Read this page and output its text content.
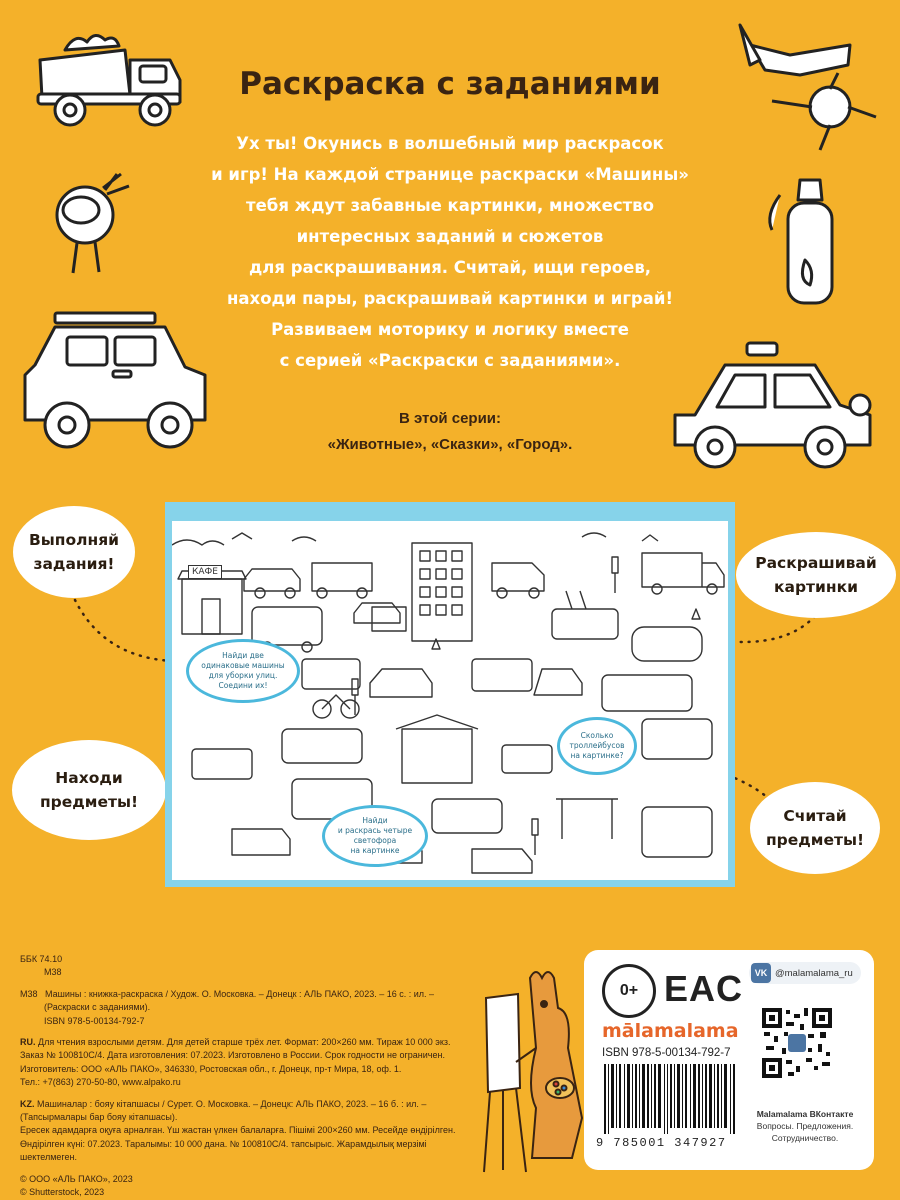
Раскраска с заданиями
Ух ты! Окунись в волшебный мир раскрасок
и игр! На каждой странице раскраски «Машины»
тебя ждут забавные картинки, множество
интересных заданий и сюжетов
для раскрашивания. Считай, ищи героев,
находи пары, раскрашивай картинки и играй!
Развиваем моторику и логику вместе
с серией «Раскраски с заданиями».
В этой серии:
«Животные», «Сказки», «Город».
Выполняй
задания!
Находи
предметы!
Раскрашивай
картинки
Считай
предметы!
КАФЕ
Найди две
одинаковые машины
для уборки улиц.
Соедини их!
Найди
и раскрась четыре
светофора
на картинке
Сколько
троллейбусов
на картинке?

ББК 74.10

М38

М38 Машины : книжка-раскраска / Худож. О. Московка. – Донецк : АЛЬ ПАКО, 2023. – 16 с. : ил. –

(Раскраски с заданиями).

ISBN 978-5-00134-792-7

RU. Для чтения взрослыми детям. Для детей старше трёх лет. Формат: 200×260 мм. Тираж 10 000 экз.

Заказ № 100810С/4. Дата изготовления: 07.2023. Изготовлено в России. Срок годности не ограничен.

Изготовитель: ООО «АЛЬ ПАКО», 346330, Ростовская обл., г. Донецк, пр-т Мира, 18, оф. 1.

Тел.: +7(863) 270-50-80, www.alpako.ru

KZ. Машиналар : бояу кітапшасы / Сурет. О. Московка. – Донецк: АЛЬ ПАКО, 2023. – 16 б. : ил. –

(Тапсырмалары бар бояу кітапшасы).

Ересек адамдарға оқуға арналған. Үш жастан үлкен балаларға. Пішімі 200×260 мм. Ресейде өндірілген.

Өндірілген күні: 07.2023. Таралымы: 10 000 дана. № 100810С/4. тапсырыс. Жарамдылық мерзімі

шектелмеген.

© ООО «АЛЬ ПАКО», 2023

© Shutterstock, 2023

0+ EAC
mālamalama
ISBN 978-5-00134-792-7
9 785001 347927
VK @malamalama_ru
Malamalama ВКонтакте
Вопросы. Предложения.
Сотрудничество.
